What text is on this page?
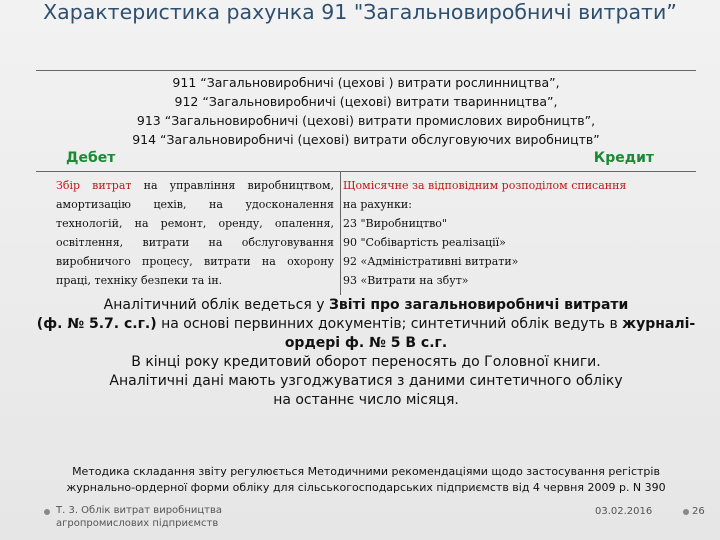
Характеристика рахунка 91 "Загальновиробничі витрати”
911 “Загальновиробничі (цехові ) витрати рослинництва”,
912 “Загальновиробничі (цехові) витрати тваринництва”,
913 “Загальновиробничі (цехові) витрати промислових виробництв”,
914 “Загальновиробничі (цехові) витрати обслуговуючих виробництв”
Дебет	Кредит
Збір витрат на управління виробництвом, амортизацію цехів, на удосконалення технологій, на ремонт, оренду, опалення, освітлення, витрати на обслуговування виробничого процесу, витрати на охорону праці, техніку безпеки та ін.
Щомісячне за відповідним розподілом списання
на рахунки:
23 "Виробництво"
90 "Собівартість реалізації»
92 «Адміністративні витрати»
93 «Витрати на збут»
Аналітичний облік ведеться у Звіті про загальновиробничі витрати
(ф. № 5.7. с.г.) на основі первинних документів; синтетичний облік ведуть в журналі-ордері ф. № 5 В с.г.
В кінці року кредитовий оборот переносять до Головної книги.
Аналітичні дані мають узгоджуватися з даними синтетичного обліку
на останнє число місяця.
Методика складання звіту регулюється Методичними рекомендаціями щодо застосування регістрів журнально-ордерної форми обліку для сільськогосподарських підприємств від 4 червня 2009 р. N 390
Т. 3. Облік витрат виробництва агропромислових підприємств
03.02.2016	26
